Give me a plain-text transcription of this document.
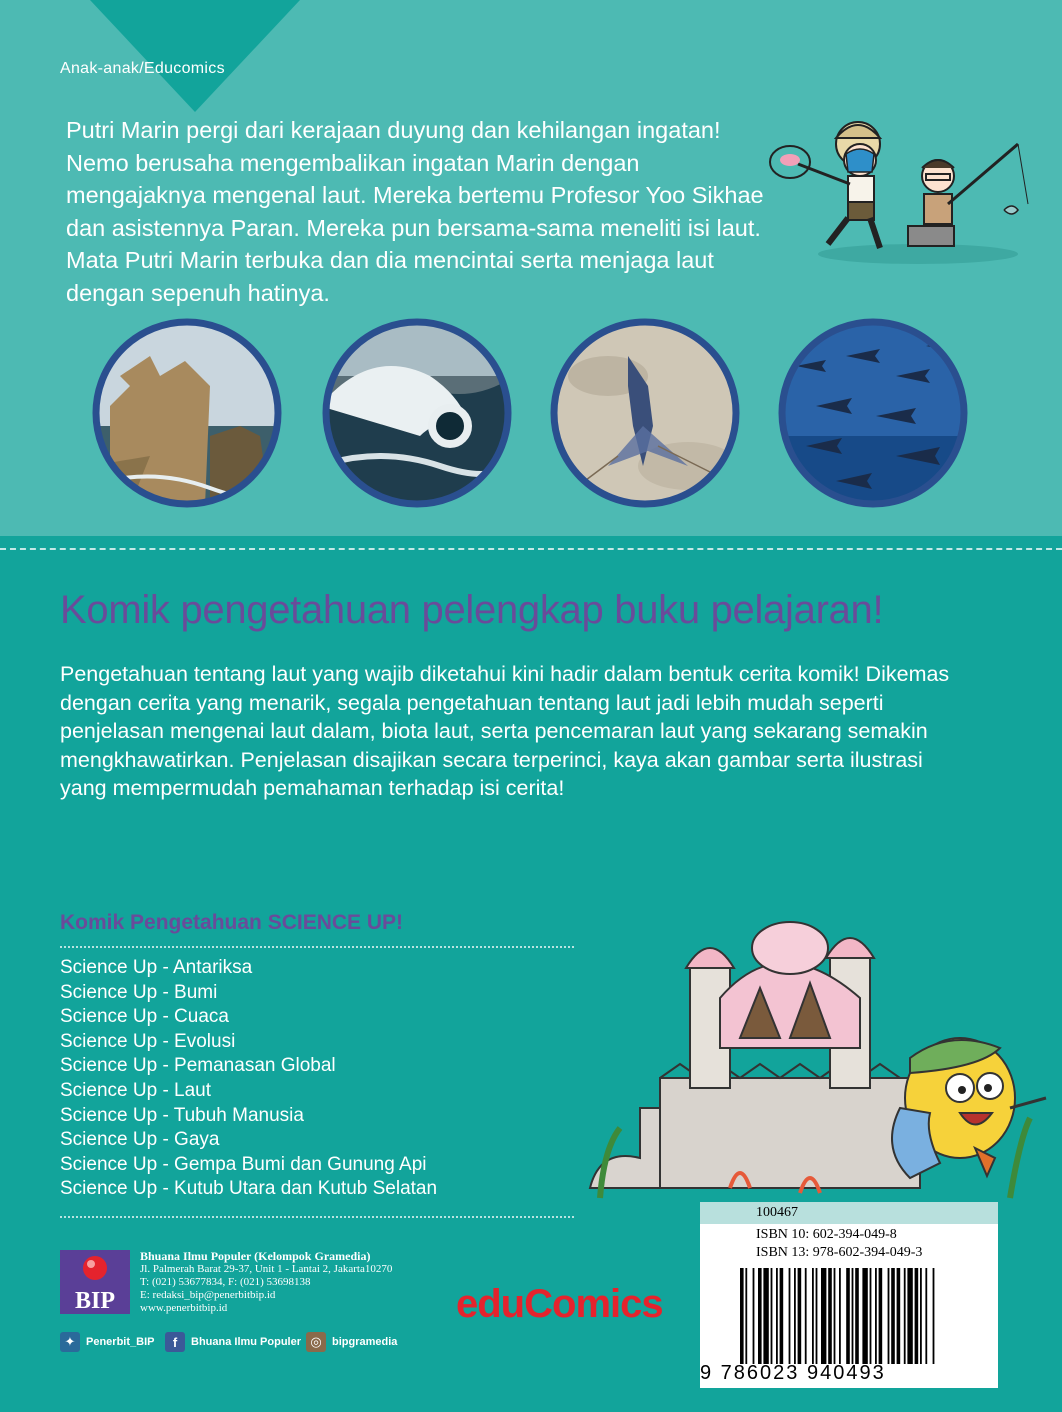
Anak-anak/Educomics
Putri Marin pergi dari kerajaan duyung dan kehilangan ingatan! Nemo berusaha mengembalikan ingatan Marin dengan mengajaknya mengenal laut. Mereka bertemu Profesor Yoo Sikhae dan asistennya Paran. Mereka pun bersama-sama meneliti isi laut. Mata Putri Marin terbuka dan dia mencintai serta menjaga laut dengan sepenuh hatinya.
Komik pengetahuan pelengkap buku pelajaran!
Pengetahuan tentang laut yang wajib diketahui kini hadir dalam bentuk cerita komik! Dikemas dengan cerita yang menarik, segala pengetahuan tentang laut jadi lebih mudah seperti penjelasan mengenai laut dalam, biota laut, serta pencemaran laut yang sekarang semakin mengkhawatirkan. Penjelasan disajikan secara terperinci, kaya akan gambar serta ilustrasi yang mempermudah pemahaman terhadap isi cerita!
Komik Pengetahuan SCIENCE UP!
Science Up - Antariksa
Science Up - Bumi
Science Up - Cuaca
Science Up - Evolusi
Science Up - Pemanasan Global
Science Up - Laut
Science Up - Tubuh Manusia
Science Up - Gaya
Science Up - Gempa Bumi dan Gunung Api
Science Up - Kutub Utara dan Kutub Selatan
BIP
Bhuana Ilmu Populer (Kelompok Gramedia)
Jl. Palmerah Barat 29-37, Unit 1 - Lantai 2, Jakarta10270
T: (021) 53677834, F: (021) 53698138
E: redaksi_bip@penerbitbip.id
www.penerbitbip.id
✦ Penerbit_BIP	f	Bhuana Ilmu Populer ◎ bipgramedia
eduComics
100467
ISBN 10: 602-394-049-8
ISBN 13: 978-602-394-049-3
9 786023 940493
